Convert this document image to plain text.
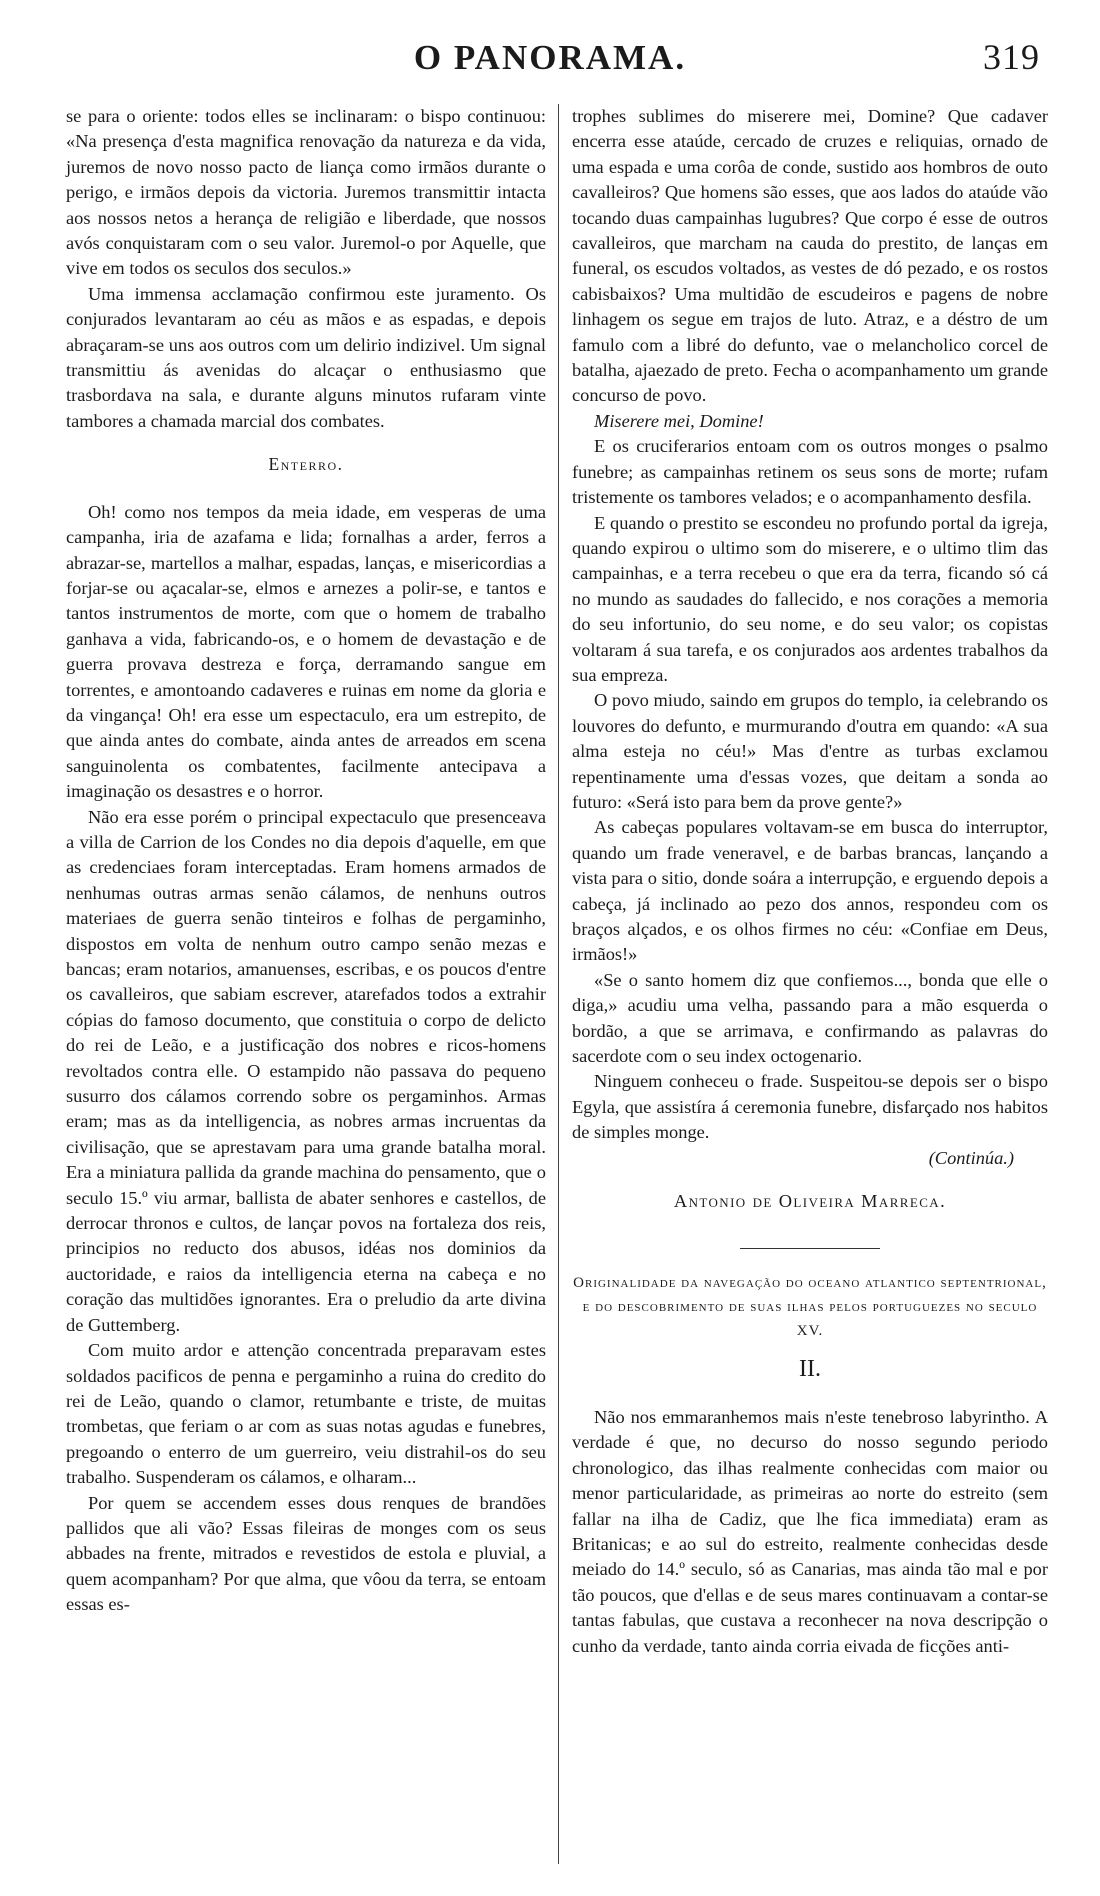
O PANORAMA.	319

se para o oriente: todos elles se inclinaram: o bispo continuou: «Na presença d'esta magnifica renovação da natureza e da vida, juremos de novo nosso pacto de liança como irmãos durante o perigo, e irmãos depois da victoria. Juremos transmittir intacta aos nossos netos a herança de religião e liberdade, que nossos avós conquistaram com o seu valor. Juremol-o por Aquelle, que vive em todos os seculos dos seculos.»

Uma immensa acclamação confirmou este juramento. Os conjurados levantaram ao céu as mãos e as espadas, e depois abraçaram-se uns aos outros com um delirio indizivel. Um signal transmittiu ás avenidas do alcaçar o enthusiasmo que trasbordava na sala, e durante alguns minutos rufaram vinte tambores a chamada marcial dos combates.

Enterro.

Oh! como nos tempos da meia idade, em vesperas de uma campanha, iria de azafama e lida; fornalhas a arder, ferros a abrazar-se, martellos a malhar, espadas, lanças, e misericordias a forjar-se ou açacalar-se, elmos e arnezes a polir-se, e tantos e tantos instrumentos de morte, com que o homem de trabalho ganhava a vida, fabricando-os, e o homem de devastação e de guerra provava destreza e força, derramando sangue em torrentes, e amontoando cadaveres e ruinas em nome da gloria e da vingança! Oh! era esse um espectaculo, era um estrepito, de que ainda antes do combate, ainda antes de arreados em scena sanguinolenta os combatentes, facilmente antecipava a imaginação os desastres e o horror.

Não era esse porém o principal expectaculo que presenceava a villa de Carrion de los Condes no dia depois d'aquelle, em que as credenciaes foram interceptadas. Eram homens armados de nenhumas outras armas senão cálamos, de nenhuns outros materiaes de guerra senão tinteiros e folhas de pergaminho, dispostos em volta de nenhum outro campo senão mezas e bancas; eram notarios, amanuenses, escribas, e os poucos d'entre os cavalleiros, que sabiam escrever, atarefados todos a extrahir cópias do famoso documento, que constituia o corpo de delicto do rei de Leão, e a justificação dos nobres e ricos-homens revoltados contra elle. O estampido não passava do pequeno susurro dos cálamos correndo sobre os pergaminhos. Armas eram; mas as da intelligencia, as nobres armas incruentas da civilisação, que se aprestavam para uma grande batalha moral. Era a miniatura pallida da grande machina do pensamento, que o seculo 15.º viu armar, ballista de abater senhores e castellos, de derrocar thronos e cultos, de lançar povos na fortaleza dos reis, principios no reducto dos abusos, idéas nos dominios da auctoridade, e raios da intelligencia eterna na cabeça e no coração das multidões ignorantes. Era o preludio da arte divina de Guttemberg.

Com muito ardor e attenção concentrada preparavam estes soldados pacificos de penna e pergaminho a ruina do credito do rei de Leão, quando o clamor, retumbante e triste, de muitas trombetas, que feriam o ar com as suas notas agudas e funebres, pregoando o enterro de um guerreiro, veiu distrahil-os do seu trabalho. Suspenderam os cálamos, e olharam...

Por quem se accendem esses dous renques de brandões pallidos que ali vão? Essas fileiras de monges com os seus abbades na frente, mitrados e revestidos de estola e pluvial, a quem acompanham? Por que alma, que vôou da terra, se entoam essas es-

trophes sublimes do miserere mei, Domine? Que cadaver encerra esse ataúde, cercado de cruzes e reliquias, ornado de uma espada e uma corôa de conde, sustido aos hombros de outo cavalleiros? Que homens são esses, que aos lados do ataúde vão tocando duas campainhas lugubres? Que corpo é esse de outros cavalleiros, que marcham na cauda do prestito, de lanças em funeral, os escudos voltados, as vestes de dó pezado, e os rostos cabisbaixos? Uma multidão de escudeiros e pagens de nobre linhagem os segue em trajos de luto. Atraz, e a déstro de um famulo com a libré do defunto, vae o melancholico corcel de batalha, ajaezado de preto. Fecha o acompanhamento um grande concurso de povo.

Miserere mei, Domine!

E os cruciferarios entoam com os outros monges o psalmo funebre; as campainhas retinem os seus sons de morte; rufam tristemente os tambores velados; e o acompanhamento desfila.

E quando o prestito se escondeu no profundo portal da igreja, quando expirou o ultimo som do miserere, e o ultimo tlim das campainhas, e a terra recebeu o que era da terra, ficando só cá no mundo as saudades do fallecido, e nos corações a memoria do seu infortunio, do seu nome, e do seu valor; os copistas voltaram á sua tarefa, e os conjurados aos ardentes trabalhos da sua empreza.

O povo miudo, saindo em grupos do templo, ia celebrando os louvores do defunto, e murmurando d'outra em quando: «A sua alma esteja no céu!» Mas d'entre as turbas exclamou repentinamente uma d'essas vozes, que deitam a sonda ao futuro: «Será isto para bem da prove gente?»

As cabeças populares voltavam-se em busca do interruptor, quando um frade veneravel, e de barbas brancas, lançando a vista para o sitio, donde soára a interrupção, e erguendo depois a cabeça, já inclinado ao pezo dos annos, respondeu com os braços alçados, e os olhos firmes no céu: «Confiae em Deus, irmãos!»

«Se o santo homem diz que confiemos..., bonda que elle o diga,» acudiu uma velha, passando para a mão esquerda o bordão, a que se arrimava, e confirmando as palavras do sacerdote com o seu index octogenario.

Ninguem conheceu o frade. Suspeitou-se depois ser o bispo Egyla, que assistíra á ceremonia funebre, disfarçado nos habitos de simples monge.

(Continúa.)
Antonio de Oliveira Marreca.
Originalidade da navegação do oceano atlantico septentrional, e do descobrimento de suas ilhas pelos portuguezes no seculo XV.
II.

Não nos emmaranhemos mais n'este tenebroso labyrintho. A verdade é que, no decurso do nosso segundo periodo chronologico, das ilhas realmente conhecidas com maior ou menor particularidade, as primeiras ao norte do estreito (sem fallar na ilha de Cadiz, que lhe fica immediata) eram as Britanicas; e ao sul do estreito, realmente conhecidas desde meiado do 14.º seculo, só as Canarias, mas ainda tão mal e por tão poucos, que d'ellas e de seus mares continuavam a contar-se tantas fabulas, que custava a reconhecer na nova descripção o cunho da verdade, tanto ainda corria eivada de ficções anti-
